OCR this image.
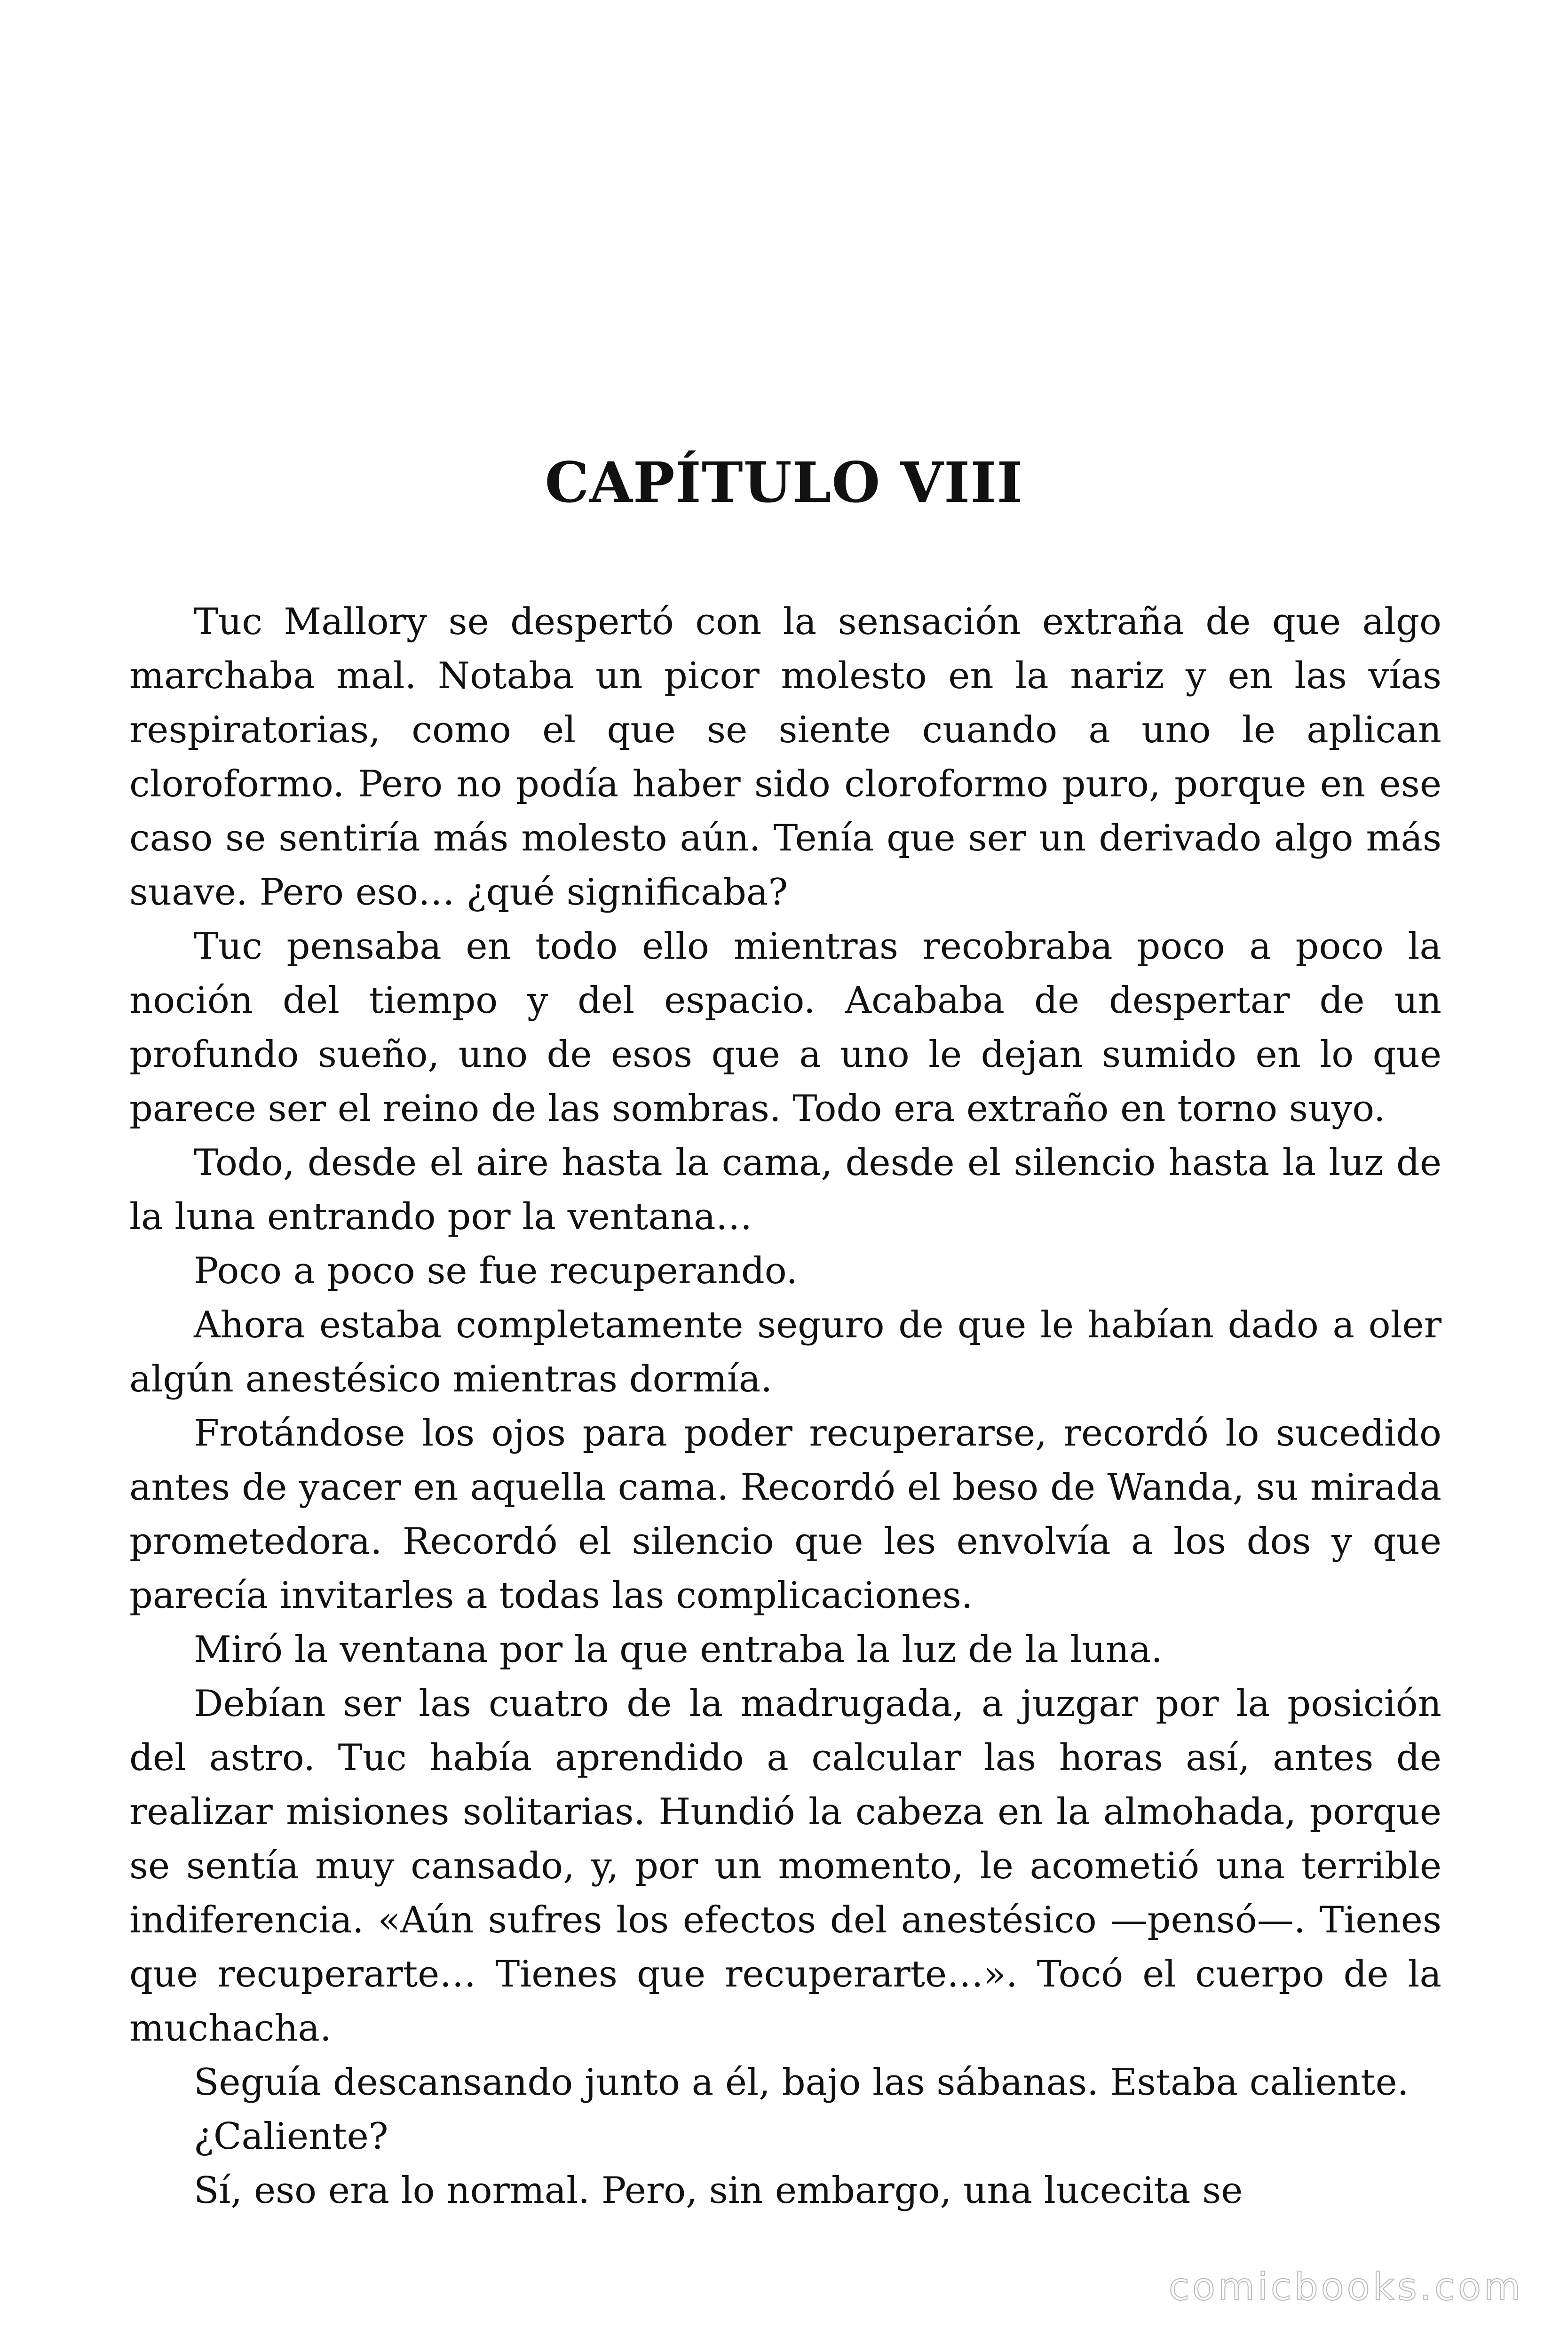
CAPÍTULO VIII

Tuc Mallory se despertó con la sensación extraña de que algo marchaba mal. Notaba un picor molesto en la nariz y en las vías respiratorias, como el que se siente cuando a uno le aplican cloroformo. Pero no podía haber sido cloroformo puro, porque en ese caso se sentiría más molesto aún. Tenía que ser un derivado algo más suave. Pero eso… ¿qué significaba?

Tuc pensaba en todo ello mientras recobraba poco a poco la noción del tiempo y del espacio. Acababa de despertar de un profundo sueño, uno de esos que a uno le dejan sumido en lo que parece ser el reino de las sombras. Todo era extraño en torno suyo.

Todo, desde el aire hasta la cama, desde el silencio hasta la luz de la luna entrando por la ventana…

Poco a poco se fue recuperando.

Ahora estaba completamente seguro de que le habían dado a oler algún anestésico mientras dormía.

Frotándose los ojos para poder recuperarse, recordó lo sucedido antes de yacer en aquella cama. Recordó el beso de Wanda, su mirada prometedora. Recordó el silencio que les envolvía a los dos y que parecía invitarles a todas las complicaciones.

Miró la ventana por la que entraba la luz de la luna.

Debían ser las cuatro de la madrugada, a juzgar por la posición del astro. Tuc había aprendido a calcular las horas así, antes de realizar misiones solitarias. Hundió la cabeza en la almohada, porque se sentía muy cansado, y, por un momento, le acometió una terrible indiferencia. «Aún sufres los efectos del anestésico —pensó—. Tienes que recuperarte… Tienes que recuperarte…». Tocó el cuerpo de la muchacha.

Seguía descansando junto a él, bajo las sábanas. Estaba caliente.

¿Caliente?

Sí, eso era lo normal. Pero, sin embargo, una lucecita se

comicbooks.com
